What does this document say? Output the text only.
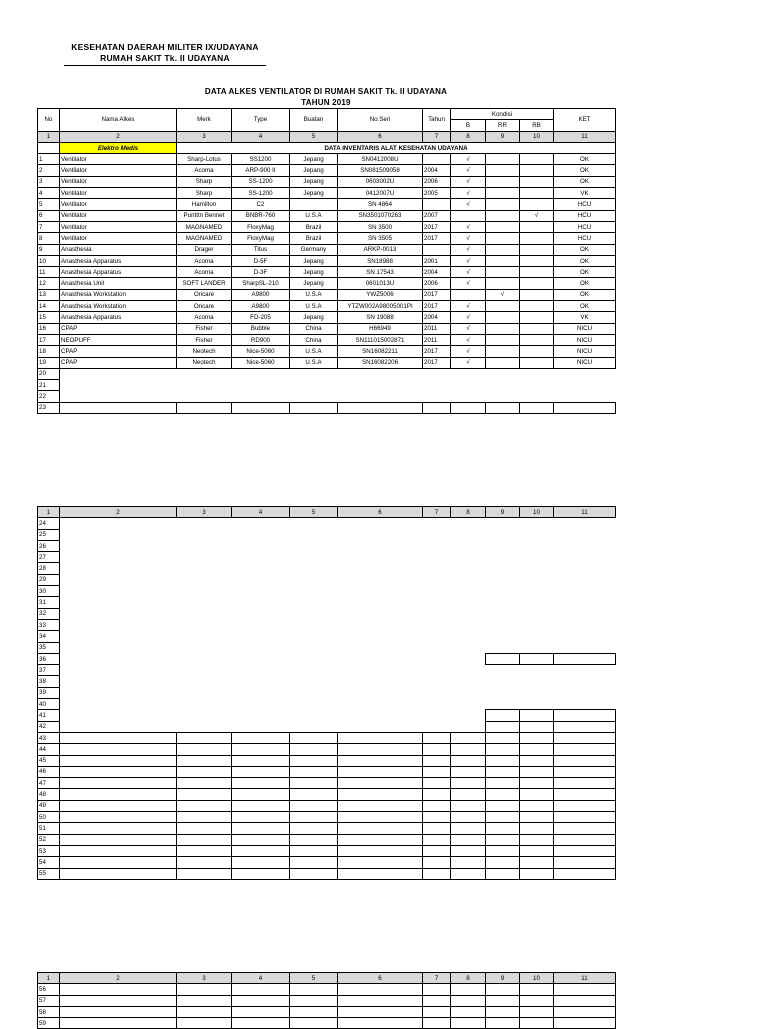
KESEHATAN DAERAH MILITER IX/UDAYANA
RUMAH SAKIT Tk. II UDAYANA
DATA ALKES VENTILATOR DI RUMAH SAKIT Tk. II UDAYANA
TAHUN 2019
No	Nama Alkes	Merk	Type	Buatan	No.Seri	Tahun	Kondisi			KET
							B	RR	RB	
1	2	3	4	5	6	7	8	9	10	11
	Elektro Medis	DATA INVENTARIS ALAT KESEHATAN UDAYANA								
1	Ventilator	Sharp-Lotus	SS1200	Jepang	SN0412008U		√			OK
2	Ventilator	Acoma	ARP-900 II	Jepang	SN081509058	2004	√			OK
3	Ventilator	Sharp	SS-1200	Jepang	0603002U	2006	√			OK
4	Ventilator	Sharp	SS-1200	Jepang	0412007U	2005	√			VK
5	Ventilator	Hamilton	C2		SN 4864		√			HCU
6	Ventilator	Puritttn Bennet	BNBR-760	U.S.A	SN3501070263	2007			√	HCU
7	Ventilator	MAGNAMED	FloxyMag	Brazil	SN 3500	2017	√			HCU
8	Ventilator	MAGNAMED	FloxyMag	Brazil	SN 3505	2017	√			HCU
9	Anasthesia	Drager	Titus	Germany	ARKP-0013		√			OK
10	Anasthesia Apparatus	Acoma	D-5F	Jepang	SN18988	2001	√			OK
11	Anasthesia Apparatus	Acoma	D-3F	Jepang	SN 17543	2004	√			OK
12	Anasthesia Unit	SOFT LANDER	SharpSL-210	Jepang	0601013U	2006	√			OK
13	Anasthesia Workstation	Oricare	A9800	U.S.A	YWZ5006	2017		√		OK
14	Anasthesia Workstation	Oricare	A9800	U.S.A	YTZW002A98005001PI	2017	√			OK
15	Anasthesia Apparatus	Acoma	FD-205	Jepang	SN 19088	2004	√			VK
16	CPAP	Fisher	Bubble	China	H66949	2011	√			NICU
17	NEOPUFF	Fisher	RD900	China	SN111015002871	2011	√			NICU
18	CPAP	Neotech	Nice-5060	U.S.A	SN16082211	2017	√			NICU
19	CPAP	Neotech	Nice-5060	U.S.A	SN16082206	2017	√			NICU
20										
21										
22										
23										
1	2	3	4	5	6	7	8	9	10	11
24										
25										
26										
27										
28										
29										
30										
31										
32										
33										
34										
35										
36										
37										
38										
39										
40										
41										
42										
43										
44										
45										
46										
47										
48										
49										
50										
51										
52										
53										
54										
55										
1	2	3	4	5	6	7	8	9	10	11
56										
57										
58										
59										
